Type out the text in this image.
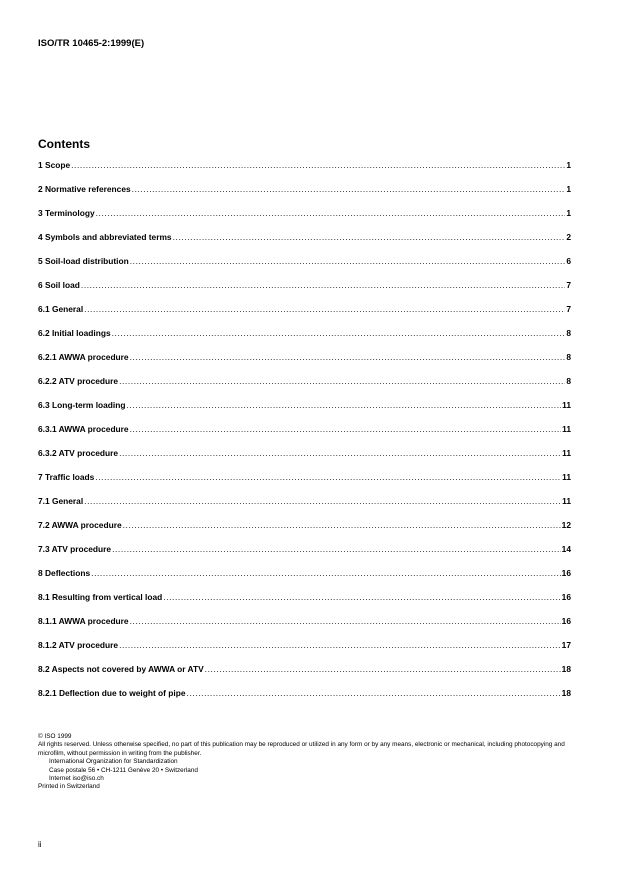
ISO/TR 10465-2:1999(E)
Contents
1 Scope .....	1
2 Normative references .....	1
3 Terminology .....	1
4 Symbols and abbreviated terms .....	2
5 Soil-load distribution .....	6
6 Soil load .....	7
6.1 General .....	7
6.2 Initial loadings .....	8
6.2.1 AWWA procedure .....	8
6.2.2 ATV procedure .....	8
6.3 Long-term loading .....	11
6.3.1 AWWA procedure .....	11
6.3.2 ATV procedure .....	11
7 Traffic loads .....	11
7.1 General .....	11
7.2 AWWA procedure .....	12
7.3 ATV procedure .....	14
8 Deflections .....	16
8.1 Resulting from vertical load .....	16
8.1.1 AWWA procedure .....	16
8.1.2 ATV procedure .....	17
8.2 Aspects not covered by AWWA or ATV .....	18
8.2.1 Deflection due to weight of pipe .....	18

© ISO 1999

All rights reserved. Unless otherwise specified, no part of this publication may be reproduced or utilized in any form or by any means, electronic or mechanical, including photocopying and microfilm, without permission in writing from the publisher.

International Organization for Standardization

Case postale 56 • CH-1211 Genève 20 • Switzerland

Internet iso@iso.ch

Printed in Switzerland

ii
